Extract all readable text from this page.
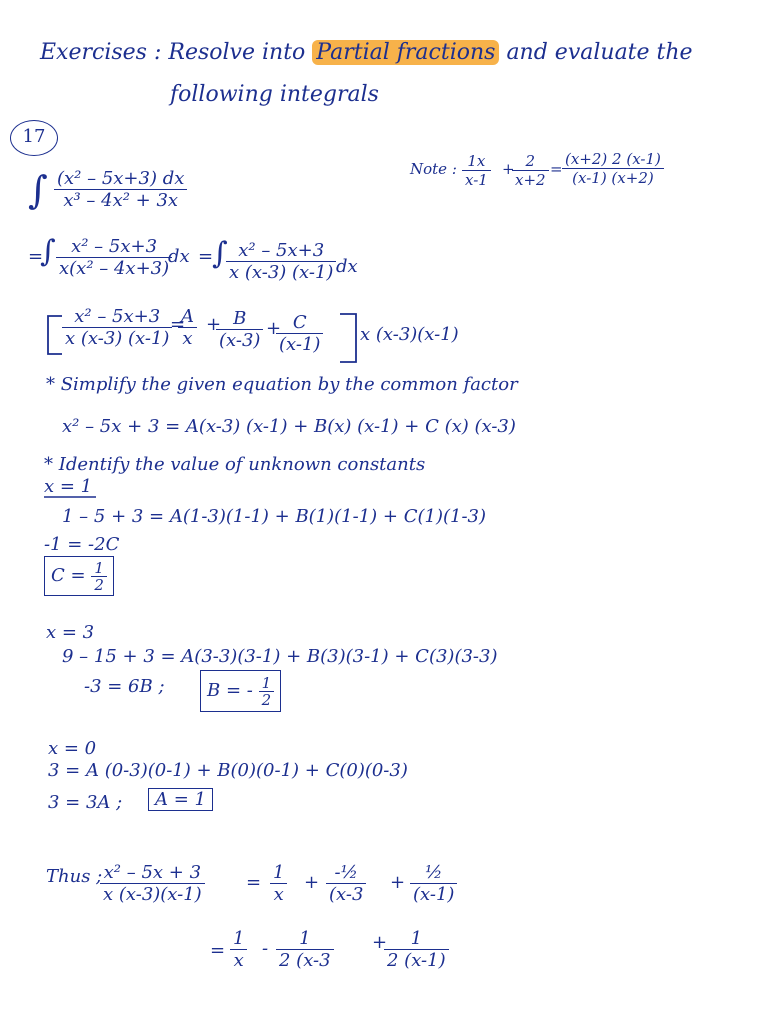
Exercises : Resolve into Partial fractions and evaluate the
following integrals
17
∫ $\frac{\text{(x² – 5x+3) dx}}{\text{x³ – 4x² + 3x}}$	Note : $\frac{1x}{x-1}$ +
$\frac{2}{x+2} = \frac{(x+2) 2 (x-1)}{(x-1) (x+2)}$
=
∫ $\frac{\text{x² – 5x+3}}{\text{x(x² – 4x+3)}}$
dx =
∫
$\frac{\text{x² – 5x+3}}{x (x-3) (x-1)}$ dx
$\frac{\text{x² – 5x+3}}{x (x-3) (x-1)}$
=
$\frac{A}{x}$ +
$\frac{B}{(x-3)}$ +
$\frac{C}{(x-1)}$ x (x-3)(x-1)
* Simplify the given equation by the common factor
x² – 5x + 3 = A(x-3) (x-1) + B(x) (x-1) + C (x) (x-3)
* Identify the value of unknown constants
x = 1
1 – 5 + 3 = A(1-3)(1-1) + B(1)(1-1) + C(1)(1-3)
-1 = -2C
$C = \frac{1}{2}$
x = 3
9 – 15 + 3 = A(3-3)(3-1) + B(3)(3-1) + C(3)(3-3)
-3 = 6B ;	B = - $\frac{1}{2}$
x = 0
3 = A (0-3)(0-1) + B(0)(0-1) + C(0)(0-3)
3 = 3A ;	A = 1
Thus ;
$\frac{\text{x² – 5x + 3}}{x (x-3)(x-1)} = \frac{1}{x}$ + -½
(x-3
+	½
(x-1)
= $\frac{1}{x} - \frac{1}{2 (x-3}$ +
$\frac{1}{2 (x-1)}$
